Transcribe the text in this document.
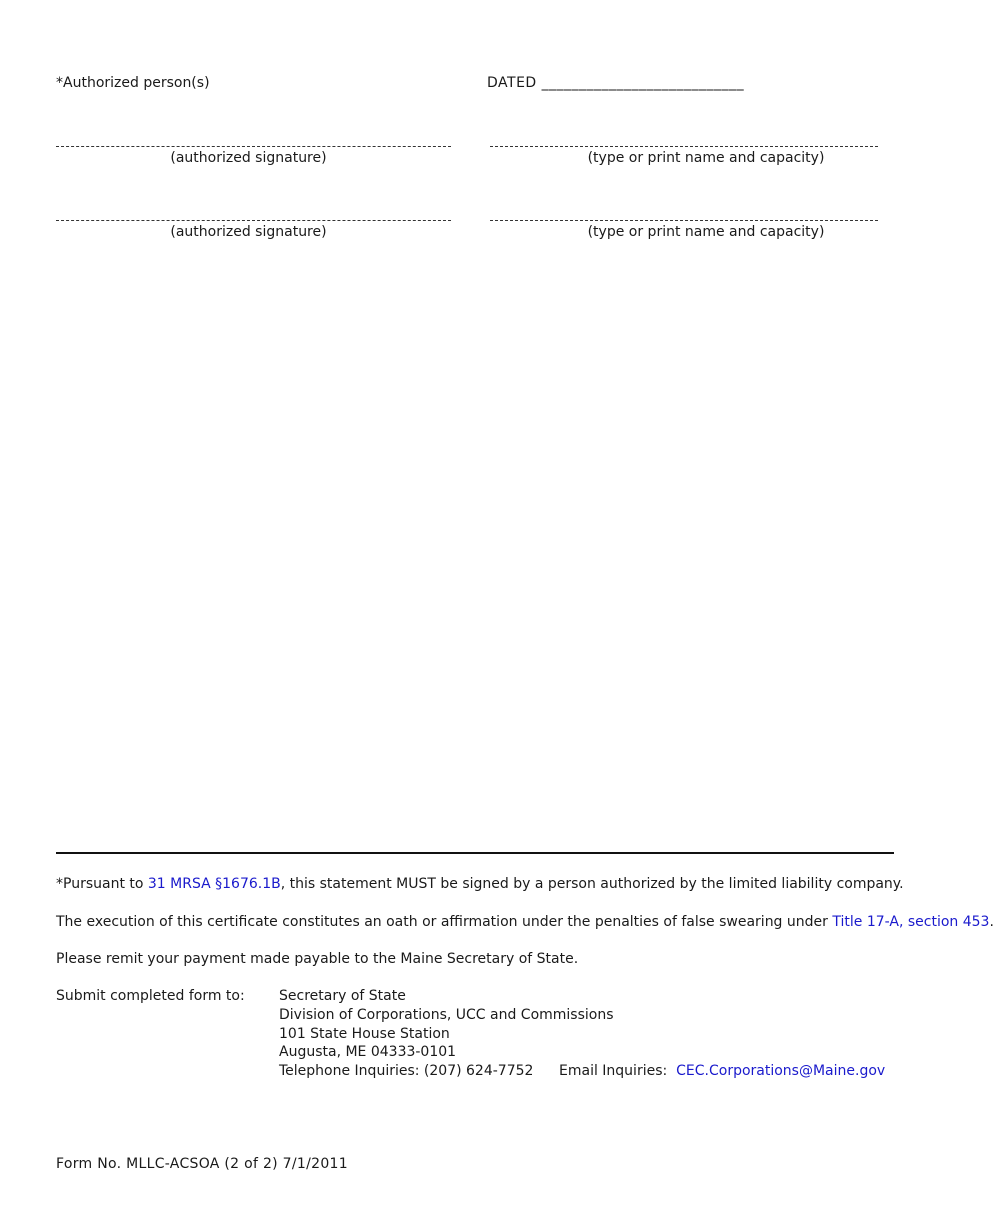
*Authorized person(s)	DATED ___________________________
(authorized signature)	(type or print name and capacity)
(authorized signature)	(type or print name and capacity)
*Pursuant to 31 MRSA §1676.1B, this statement MUST be signed by a person authorized by the limited liability company.
The execution of this certificate constitutes an oath or affirmation under the penalties of false swearing under Title 17-A, section 453.
Please remit your payment made payable to the Maine Secretary of State.
Submit completed form to: Secretary of State
Division of Corporations, UCC and Commissions
101 State House Station
Augusta, ME 04333-0101
Telephone Inquiries: (207) 624-7752 Email Inquiries: CEC.Corporations@Maine.gov
Form No. MLLC-ACSOA (2 of 2) 7/1/2011
